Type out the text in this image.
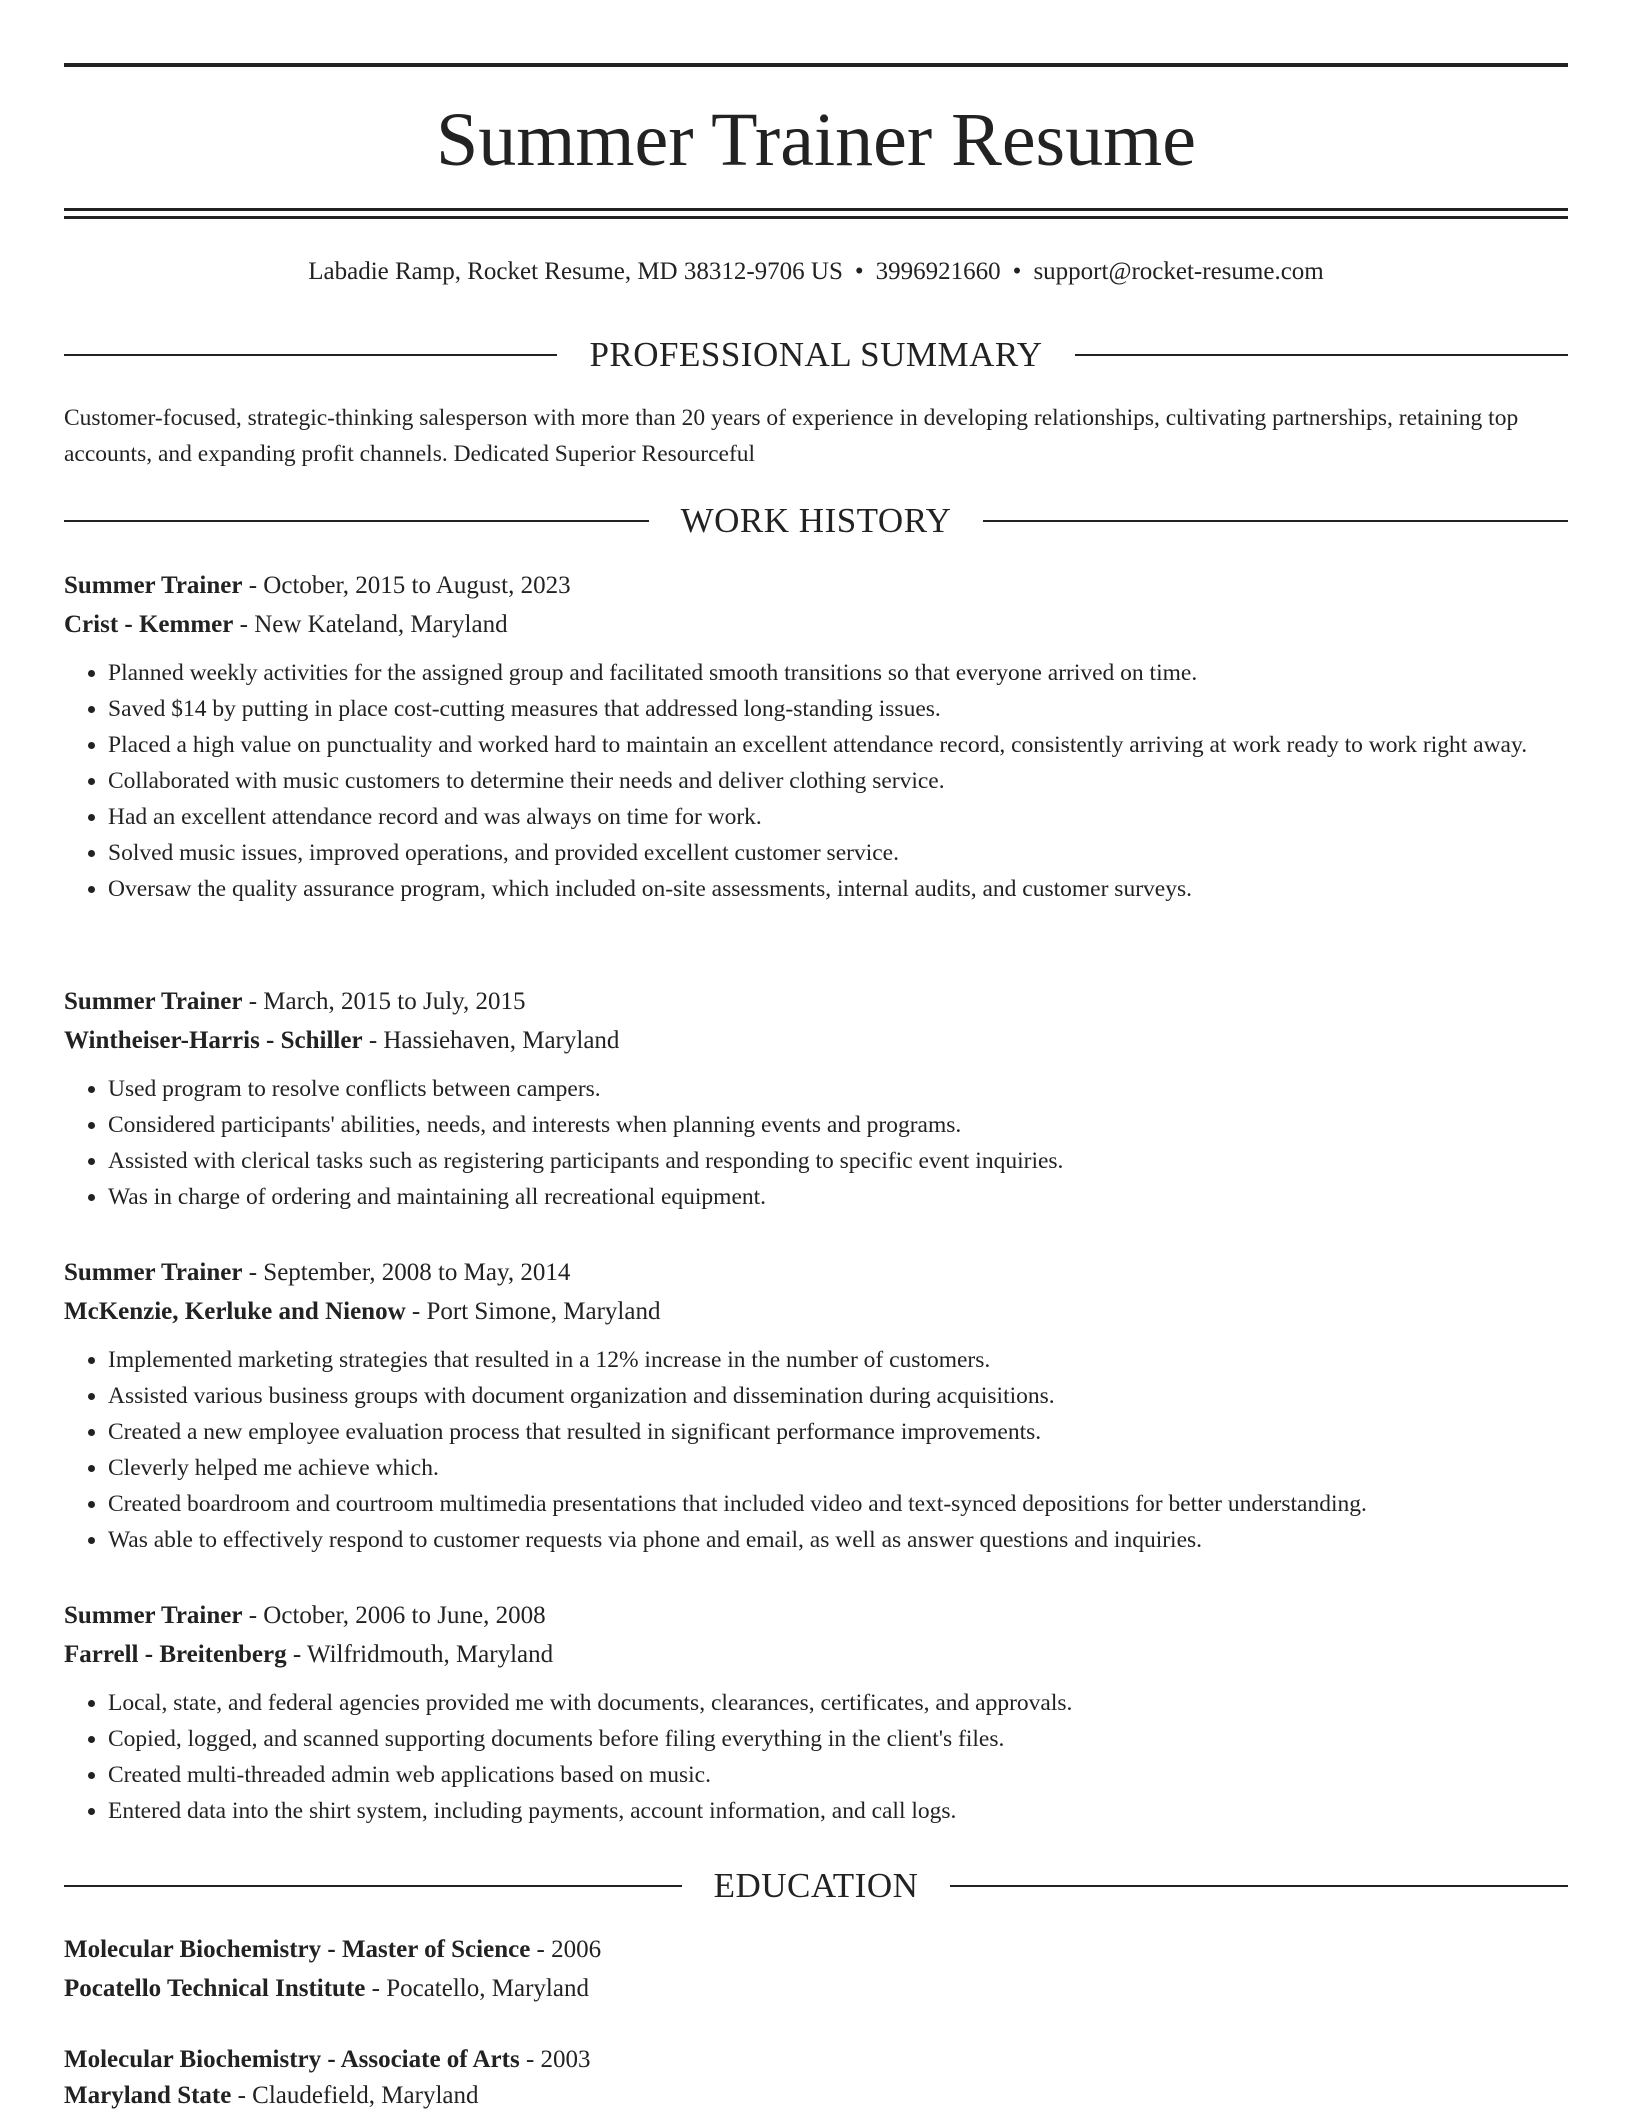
Summer Trainer Resume
Labadie Ramp, Rocket Resume, MD 38312-9706 US • 3996921660 • support@rocket-resume.com
PROFESSIONAL SUMMARY

Customer-focused, strategic-thinking salesperson with more than 20 years of experience in developing relationships, cultivating partnerships, retaining top accounts, and expanding profit channels. Dedicated Superior Resourceful

WORK HISTORY

Summer Trainer - October, 2015 to August, 2023

Crist - Kemmer - New Kateland, Maryland

• Planned weekly activities for the assigned group and facilitated smooth transitions so that everyone arrived on time.
• Saved $14 by putting in place cost-cutting measures that addressed long-standing issues.
• Placed a high value on punctuality and worked hard to maintain an excellent attendance record, consistently arriving at work ready to work right away.
• Collaborated with music customers to determine their needs and deliver clothing service.
• Had an excellent attendance record and was always on time for work.
• Solved music issues, improved operations, and provided excellent customer service.
• Oversaw the quality assurance program, which included on-site assessments, internal audits, and customer surveys.

Summer Trainer - March, 2015 to July, 2015

Wintheiser-Harris - Schiller - Hassiehaven, Maryland

• Used program to resolve conflicts between campers.
• Considered participants' abilities, needs, and interests when planning events and programs.
• Assisted with clerical tasks such as registering participants and responding to specific event inquiries.
• Was in charge of ordering and maintaining all recreational equipment.

Summer Trainer - September, 2008 to May, 2014

McKenzie, Kerluke and Nienow - Port Simone, Maryland

• Implemented marketing strategies that resulted in a 12% increase in the number of customers.
• Assisted various business groups with document organization and dissemination during acquisitions.
• Created a new employee evaluation process that resulted in significant performance improvements.
• Cleverly helped me achieve which.
• Created boardroom and courtroom multimedia presentations that included video and text-synced depositions for better understanding.
• Was able to effectively respond to customer requests via phone and email, as well as answer questions and inquiries.

Summer Trainer - October, 2006 to June, 2008

Farrell - Breitenberg - Wilfridmouth, Maryland

• Local, state, and federal agencies provided me with documents, clearances, certificates, and approvals.
• Copied, logged, and scanned supporting documents before filing everything in the client's files.
• Created multi-threaded admin web applications based on music.
• Entered data into the shirt system, including payments, account information, and call logs.
EDUCATION

Molecular Biochemistry - Master of Science - 2006

Pocatello Technical Institute - Pocatello, Maryland

Molecular Biochemistry - Associate of Arts - 2003

Maryland State - Claudefield, Maryland
